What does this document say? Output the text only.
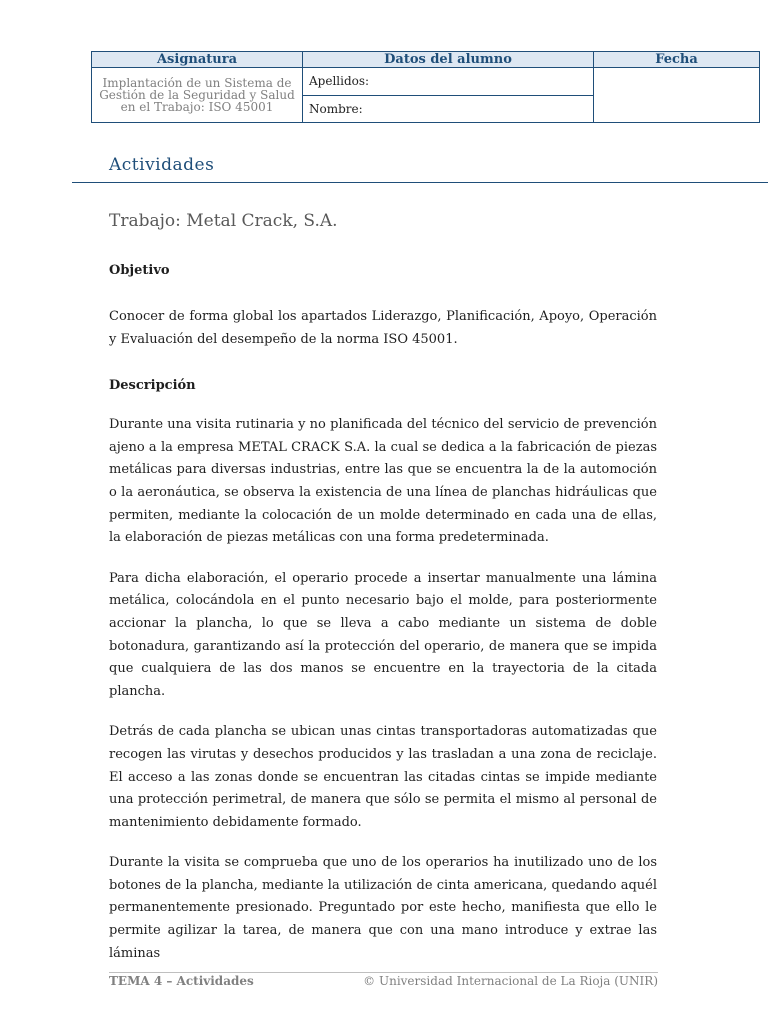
Asignatura	Datos del alumno	Fecha
Implantación de un Sistema de Gestión de la Seguridad y Salud en el Trabajo: ISO 45001	Apellidos:	
	Nombre:	
Actividades
Trabajo: Metal Crack, S.A.

Objetivo

Conocer de forma global los apartados Liderazgo, Planificación, Apoyo, Operación y Evaluación del desempeño de la norma ISO 45001.

Descripción

Durante una visita rutinaria y no planificada del técnico del servicio de prevención ajeno a la empresa METAL CRACK S.A. la cual se dedica a la fabricación de piezas metálicas para diversas industrias, entre las que se encuentra la de la automoción o la aeronáutica, se observa la existencia de una línea de planchas hidráulicas que permiten, mediante la colocación de un molde determinado en cada una de ellas, la elaboración de piezas metálicas con una forma predeterminada.

Para dicha elaboración, el operario procede a insertar manualmente una lámina metálica, colocándola en el punto necesario bajo el molde, para posteriormente accionar la plancha, lo que se lleva a cabo mediante un sistema de doble botonadura, garantizando así la protección del operario, de manera que se impida que cualquiera de las dos manos se encuentre en la trayectoria de la citada plancha.

Detrás de cada plancha se ubican unas cintas transportadoras automatizadas que recogen las virutas y desechos producidos y las trasladan a una zona de reciclaje. El acceso a las zonas donde se encuentran las citadas cintas se impide mediante una protección perimetral, de manera que sólo se permita el mismo al personal de mantenimiento debidamente formado.

Durante la visita se comprueba que uno de los operarios ha inutilizado uno de los botones de la plancha, mediante la utilización de cinta americana, quedando aquél permanentemente presionado. Preguntado por este hecho, manifiesta que ello le permite agilizar la tarea, de manera que con una mano introduce y extrae las láminas

TEMA 4 – Actividades	© Universidad Internacional de La Rioja (UNIR)
